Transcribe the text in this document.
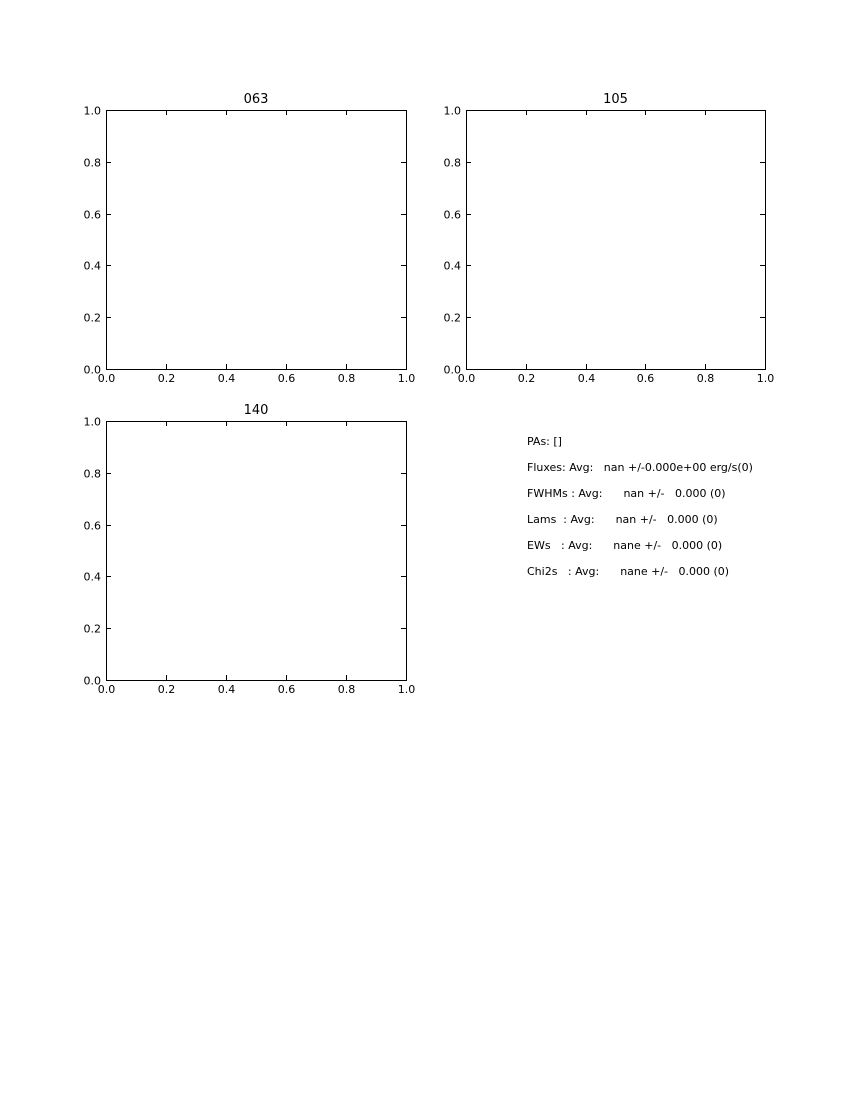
063
0.0	0.2	0.4	0.6	0.8	1.0
0.0
0.2
0.4
0.6
0.8
1.0
105
0.0	0.2	0.4	0.6	0.8	1.0
0.0
0.2
0.4
0.6
0.8
1.0
140
0.0	0.2	0.4	0.6	0.8	1.0
0.0
0.2
0.4
0.6
0.8
1.0
PAs: []
Fluxes: Avg:   nan +/-0.000e+00 erg/s(0)
FWHMs : Avg:      nan +/-   0.000 (0)
Lams  : Avg:      nan +/-   0.000 (0)
EWs   : Avg:      nane +/-   0.000 (0)
Chi2s   : Avg:      nane +/-   0.000 (0)
